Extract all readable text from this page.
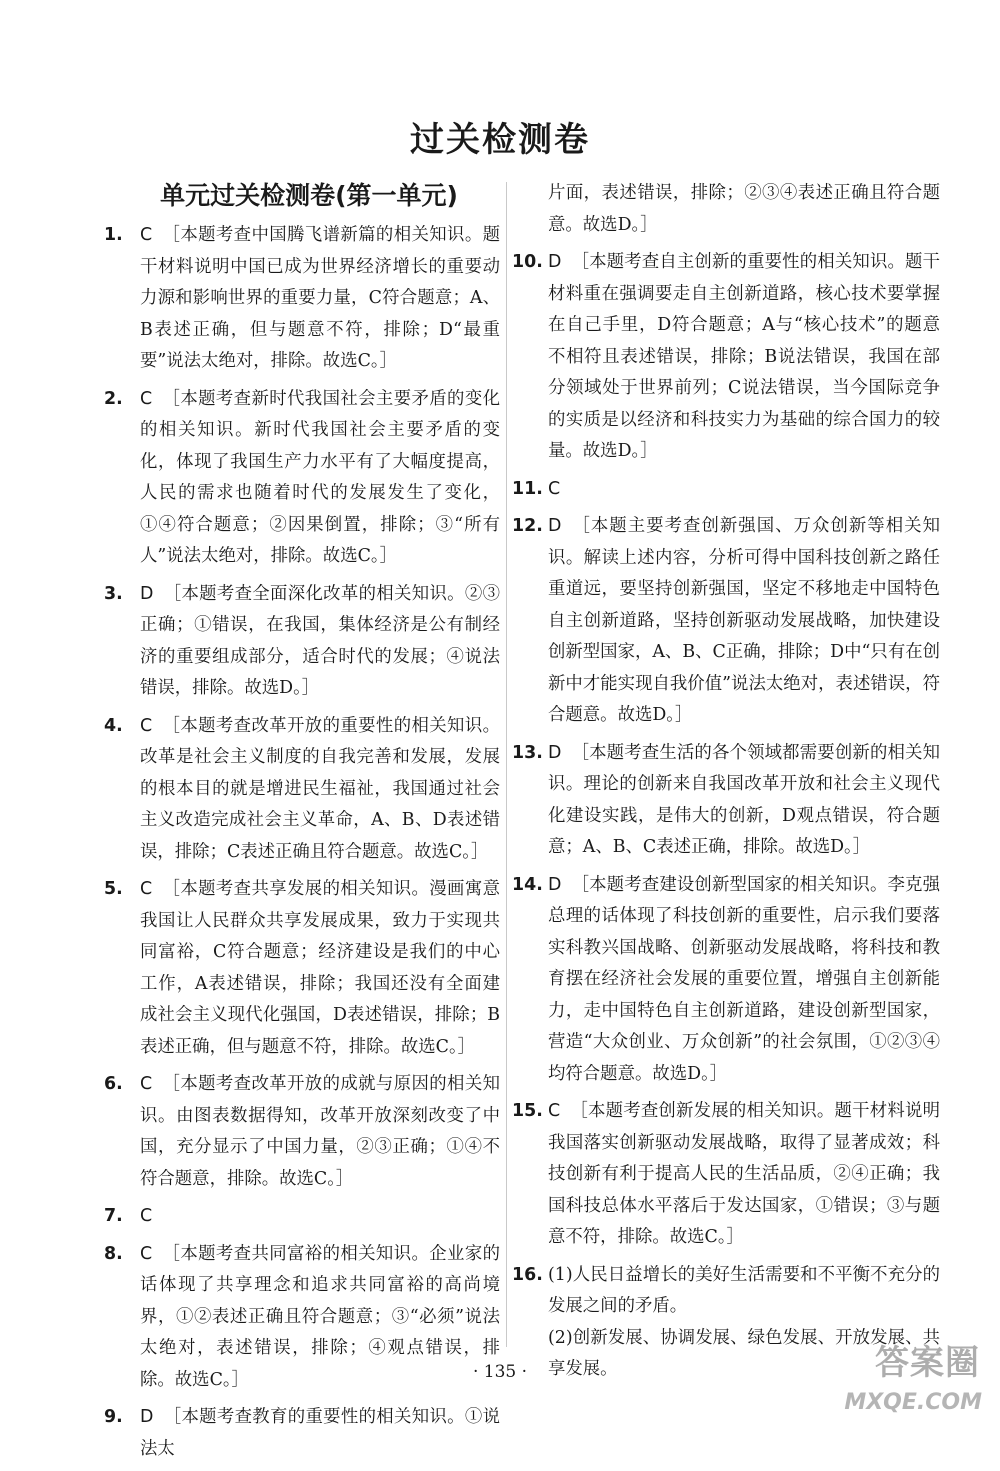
过关检测卷
单元过关检测卷(第一单元)
1. C ［本题考查中国腾飞谱新篇的相关知识。题干材料说明中国已成为世界经济增长的重要动力源和影响世界的重要力量，C符合题意；A、B表述正确，但与题意不符，排除；D“最重要”说法太绝对，排除。故选C。］
2. C ［本题考查新时代我国社会主要矛盾的变化的相关知识。新时代我国社会主要矛盾的变化，体现了我国生产力水平有了大幅度提高，人民的需求也随着时代的发展发生了变化，①④符合题意；②因果倒置，排除；③“所有人”说法太绝对，排除。故选C。］
3. D ［本题考查全面深化改革的相关知识。②③正确；①错误，在我国，集体经济是公有制经济的重要组成部分，适合时代的发展；④说法错误，排除。故选D。］
4. C ［本题考查改革开放的重要性的相关知识。改革是社会主义制度的自我完善和发展，发展的根本目的就是增进民生福祉，我国通过社会主义改造完成社会主义革命，A、B、D表述错误，排除；C表述正确且符合题意。故选C。］
5. C ［本题考查共享发展的相关知识。漫画寓意我国让人民群众共享发展成果，致力于实现共同富裕，C符合题意；经济建设是我们的中心工作，A表述错误，排除；我国还没有全面建成社会主义现代化强国，D表述错误，排除；B表述正确，但与题意不符，排除。故选C。］
6. C ［本题考查改革开放的成就与原因的相关知识。由图表数据得知，改革开放深刻改变了中国，充分显示了中国力量，②③正确；①④不符合题意，排除。故选C。］
7. C
8. C ［本题考查共同富裕的相关知识。企业家的话体现了共享理念和追求共同富裕的高尚境界，①②表述正确且符合题意；③“必须”说法太绝对，表述错误，排除；④观点错误，排除。故选C。］
9. D ［本题考查教育的重要性的相关知识。①说法太
片面，表述错误，排除；②③④表述正确且符合题意。故选D。］
10. D ［本题考查自主创新的重要性的相关知识。题干材料重在强调要走自主创新道路，核心技术要掌握在自己手里，D符合题意；A与“核心技术”的题意不相符且表述错误，排除；B说法错误，我国在部分领域处于世界前列；C说法错误，当今国际竞争的实质是以经济和科技实力为基础的综合国力的较量。故选D。］
11. C
12. D ［本题主要考查创新强国、万众创新等相关知识。解读上述内容，分析可得中国科技创新之路任重道远，要坚持创新强国，坚定不移地走中国特色自主创新道路，坚持创新驱动发展战略，加快建设创新型国家，A、B、C正确，排除；D中“只有在创新中才能实现自我价值”说法太绝对，表述错误，符合题意。故选D。］
13. D ［本题考查生活的各个领域都需要创新的相关知识。理论的创新来自我国改革开放和社会主义现代化建设实践，是伟大的创新，D观点错误，符合题意；A、B、C表述正确，排除。故选D。］
14. D ［本题考查建设创新型国家的相关知识。李克强总理的话体现了科技创新的重要性，启示我们要落实科教兴国战略、创新驱动发展战略，将科技和教育摆在经济社会发展的重要位置，增强自主创新能力，走中国特色自主创新道路，建设创新型国家，营造“大众创业、万众创新”的社会氛围，①②③④均符合题意。故选D。］
15. C ［本题考查创新发展的相关知识。题干材料说明我国落实创新驱动发展战略，取得了显著成效；科技创新有利于提高人民的生活品质，②④正确；我国科技总体水平落后于发达国家，①错误；③与题意不符，排除。故选C。］
16. (1)人民日益增长的美好生活需要和不平衡不充分的发展之间的矛盾。
(2)创新发展、协调发展、绿色发展、开放发展、共享发展。
· 135 ·	答案圈
MXQE.COM
